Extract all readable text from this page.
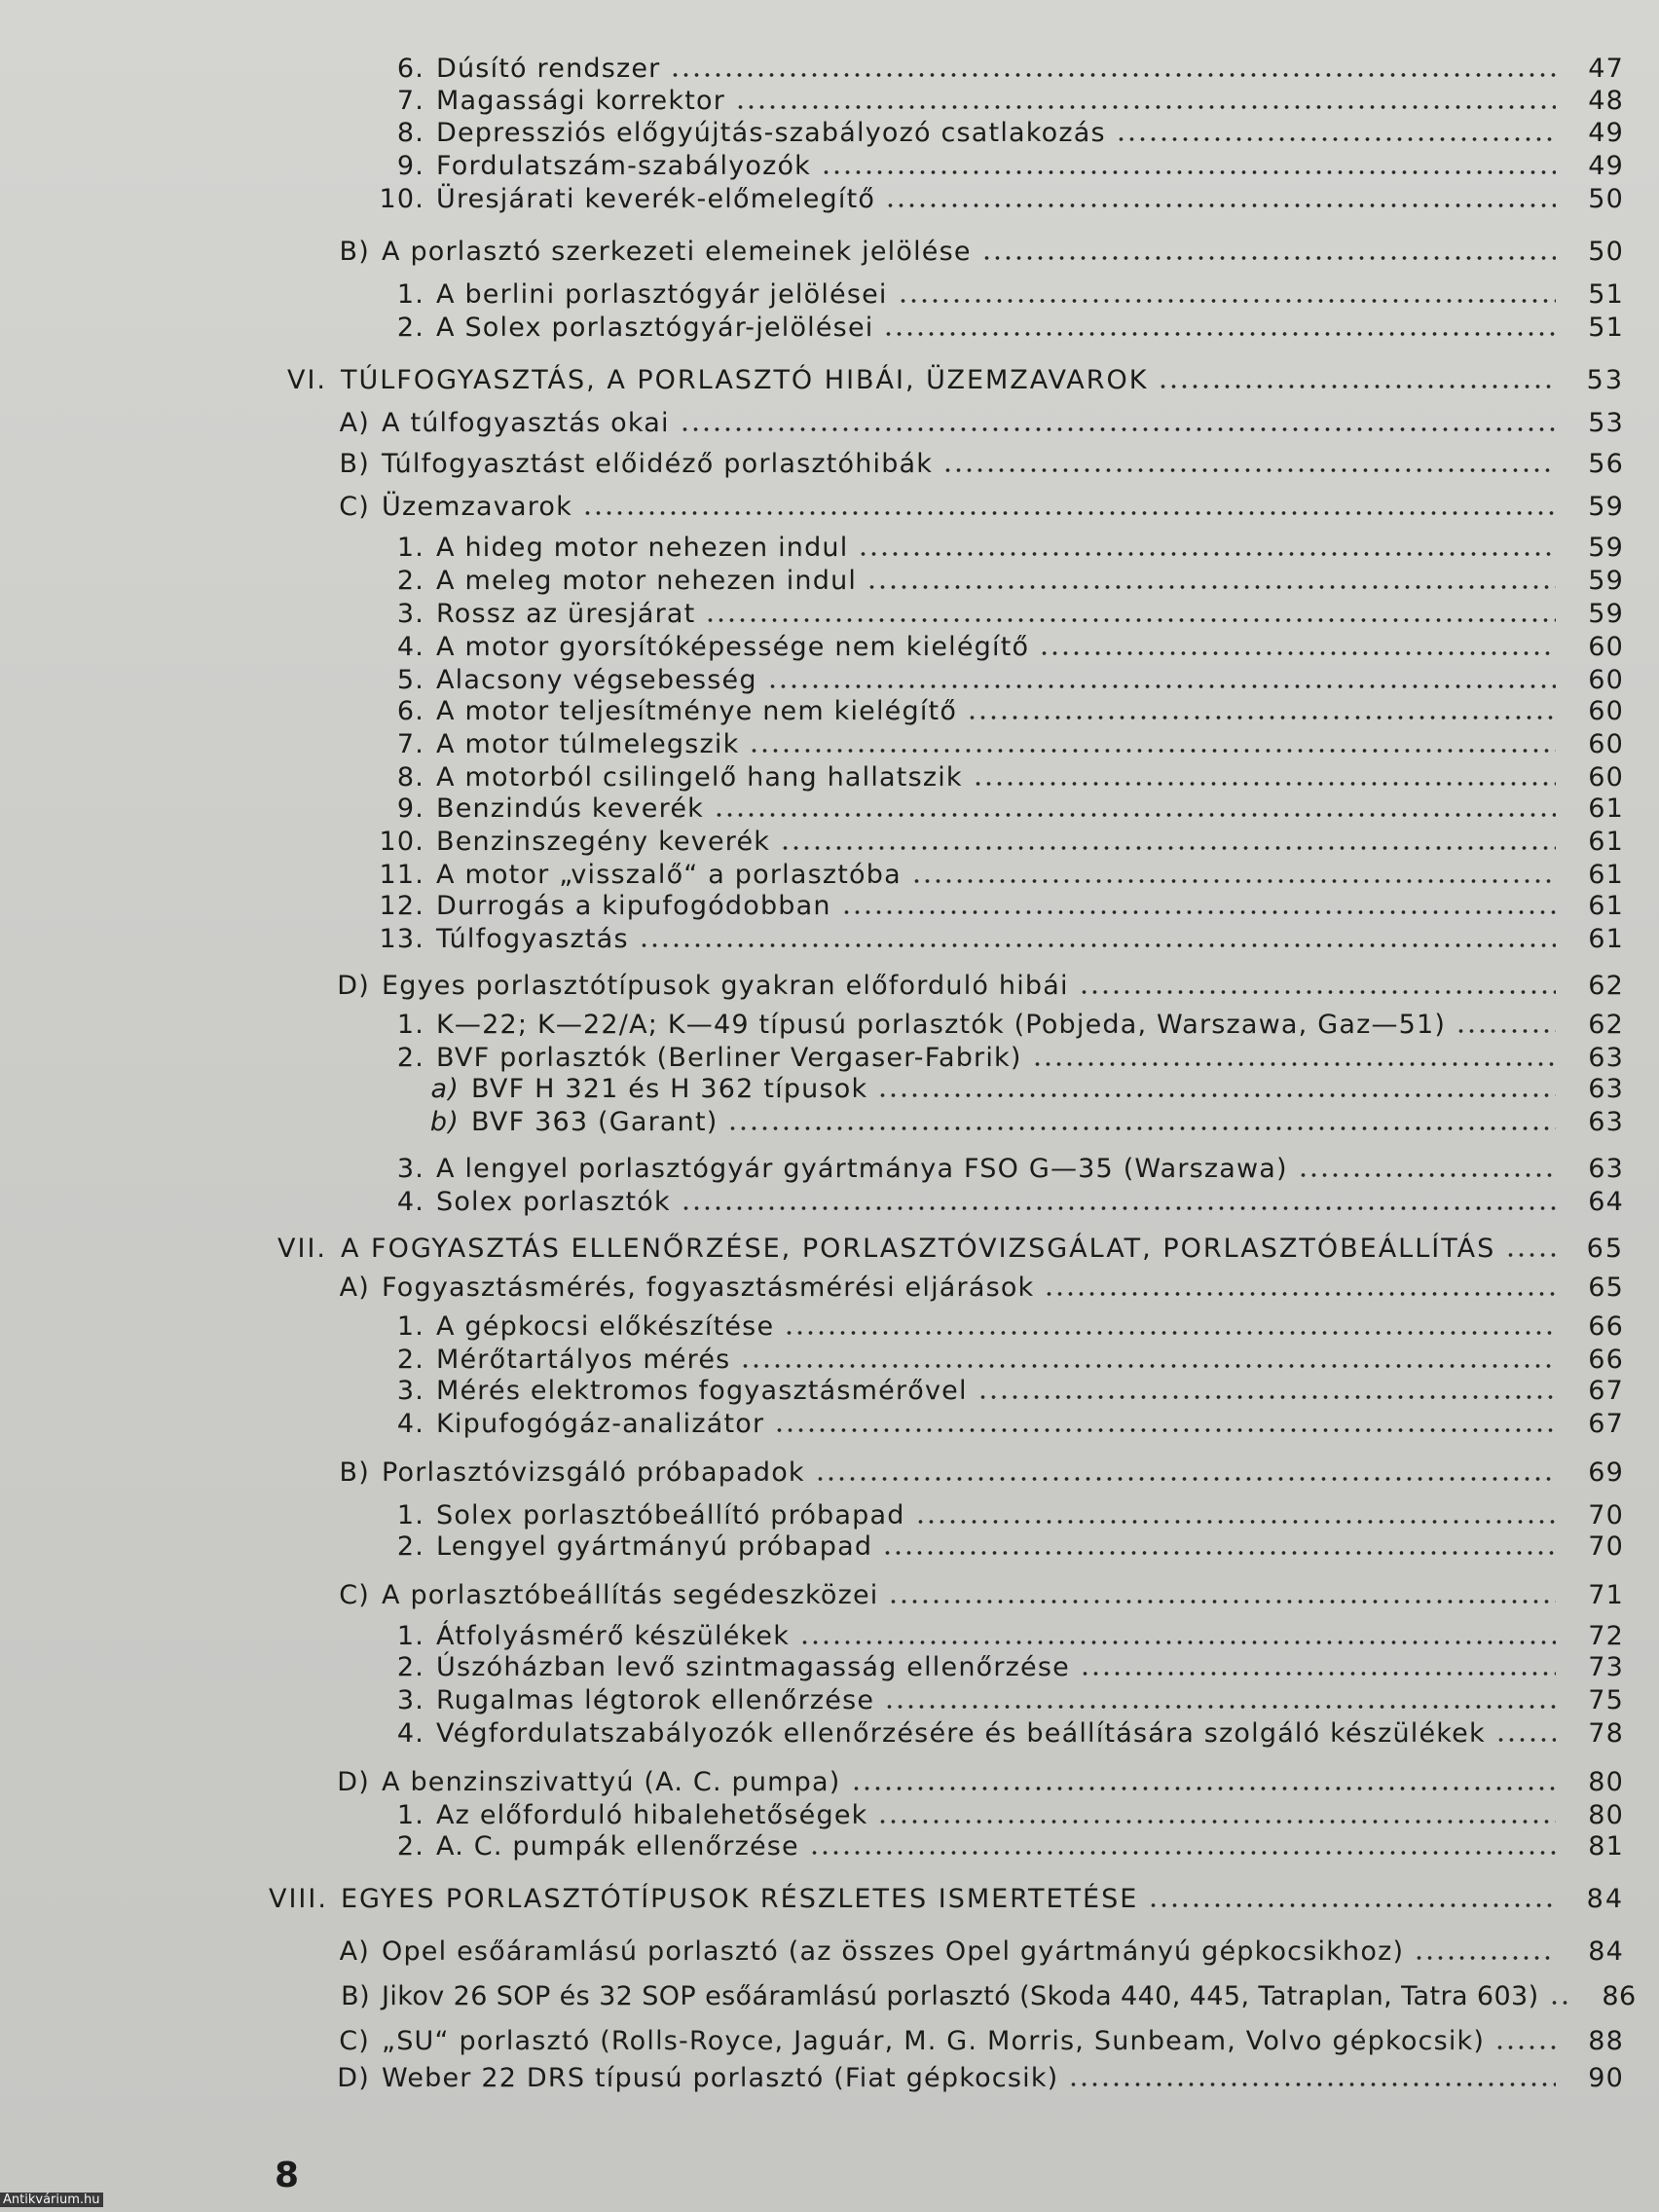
6. Dúsító rendszer	47
7. Magassági korrektor	48
8. Depressziós előgyújtás-szabályozó csatlakozás	49
9. Fordulatszám-szabályozók	49
10. Üresjárati keverék-előmelegítő	50
B) A porlasztó szerkezeti elemeinek jelölése	50
1. A berlini porlasztógyár jelölései	51
2. A Solex porlasztógyár-jelölései	51
VI. TÚLFOGYASZTÁS, A PORLASZTÓ HIBÁI, ÜZEMZAVAROK	53
A) A túlfogyasztás okai	53
B) Túlfogyasztást előidéző porlasztóhibák	56
C) Üzemzavarok	59
1. A hideg motor nehezen indul	59
2. A meleg motor nehezen indul	59
3. Rossz az üresjárat	59
4. A motor gyorsítóképessége nem kielégítő	60
5. Alacsony végsebesség	60
6. A motor teljesítménye nem kielégítő	60
7. A motor túlmelegszik	60
8. A motorból csilingelő hang hallatszik	60
9. Benzindús keverék	61
10. Benzinszegény keverék	61
11. A motor „visszalő“ a porlasztóba	61
12. Durrogás a kipufogódobban	61
13. Túlfogyasztás	61
D) Egyes porlasztótípusok gyakran előforduló hibái	62
1. K—22; K—22/A; K—49 típusú porlasztók (Pobjeda, Warszawa, Gaz—51)	62
2. BVF porlasztók (Berliner Vergaser-Fabrik)	63
a) BVF H 321 és H 362 típusok	63
b) BVF 363 (Garant)	63
3. A lengyel porlasztógyár gyártmánya FSO G—35 (Warszawa)	63
4. Solex porlasztók	64
VII. A FOGYASZTÁS ELLENŐRZÉSE, PORLASZTÓVIZSGÁLAT, PORLASZTÓBEÁLLÍTÁS	65
A) Fogyasztásmérés, fogyasztásmérési eljárások	65
1. A gépkocsi előkészítése	66
2. Mérőtartályos mérés	66
3. Mérés elektromos fogyasztásmérővel	67
4. Kipufogógáz-analizátor	67
B) Porlasztóvizsgáló próbapadok	69
1. Solex porlasztóbeállító próbapad	70
2. Lengyel gyártmányú próbapad	70
C) A porlasztóbeállítás segédeszközei	71
1. Átfolyásmérő készülékek	72
2. Úszóházban levő szintmagasság ellenőrzése	73
3. Rugalmas légtorok ellenőrzése	75
4. Végfordulatszabályozók ellenőrzésére és beállítására szolgáló készülékek	78
D) A benzinszivattyú (A. C. pumpa)	80
1. Az előforduló hibalehetőségek	80
2. A. C. pumpák ellenőrzése	81
VIII. EGYES PORLASZTÓTÍPUSOK RÉSZLETES ISMERTETÉSE	84
A) Opel esőáramlású porlasztó (az összes Opel gyártmányú gépkocsikhoz)	84
B) Jikov 26 SOP és 32 SOP esőáramlású porlasztó (Skoda 440, 445, Tatraplan, Tatra 603)	86
C) „SU“ porlasztó (Rolls-Royce, Jaguár, M. G. Morris, Sunbeam, Volvo gépkocsik)	88
D) Weber 22 DRS típusú porlasztó (Fiat gépkocsik)	90
8
Antikvárium.hu
